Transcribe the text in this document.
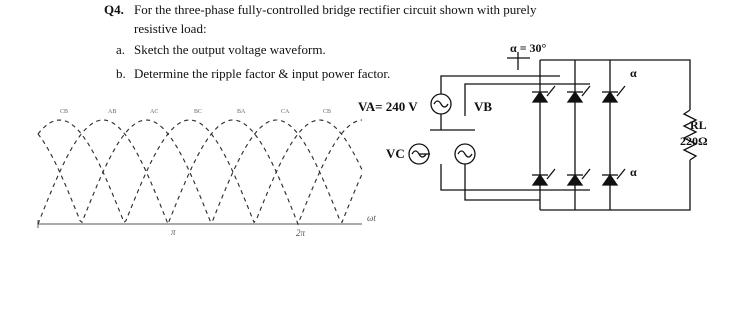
Q4. For the three-phase fully-controlled bridge rectifier circuit shown with purely
resistive load:
a. Sketch the output voltage waveform.
b. Determine the ripple factor & input power factor.
α = 30°
VA= 240 V	VB
VC
α
α
RL
220Ω
CB	AB	AC	BC	BA	CA	CB
π	2π
ωt
